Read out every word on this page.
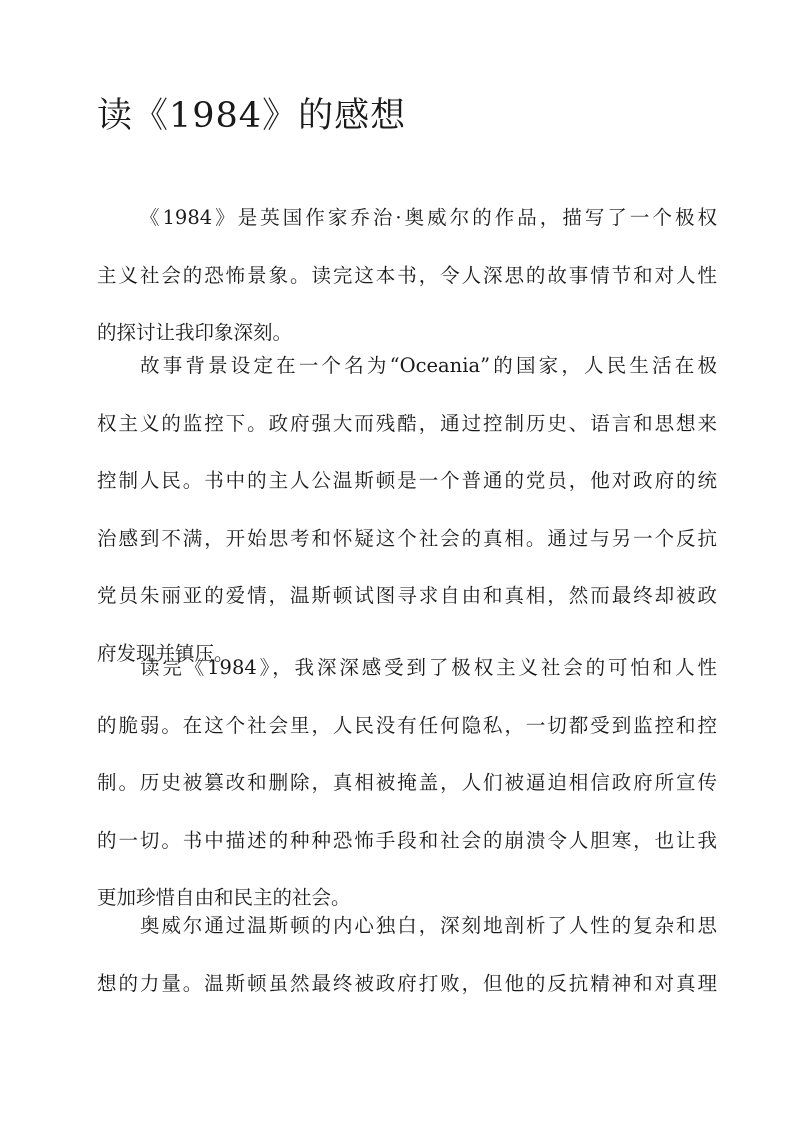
读《1984》的感想

《1984》是英国作家乔治·奥威尔的作品，描写了一个极权
主义社会的恐怖景象。读完这本书，令人深思的故事情节和对人性
的探讨让我印象深刻。

故事背景设定在一个名为“Oceania”的国家，人民生活在极
权主义的监控下。政府强大而残酷，通过控制历史、语言和思想来
控制人民。书中的主人公温斯顿是一个普通的党员，他对政府的统
治感到不满，开始思考和怀疑这个社会的真相。通过与另一个反抗
党员朱丽亚的爱情，温斯顿试图寻求自由和真相，然而最终却被政
府发现并镇压。

读完《1984》，我深深感受到了极权主义社会的可怕和人性
的脆弱。在这个社会里，人民没有任何隐私，一切都受到监控和控
制。历史被篡改和删除，真相被掩盖，人们被逼迫相信政府所宣传
的一切。书中描述的种种恐怖手段和社会的崩溃令人胆寒，也让我
更加珍惜自由和民主的社会。

奥威尔通过温斯顿的内心独白，深刻地剖析了人性的复杂和思
想的力量。温斯顿虽然最终被政府打败，但他的反抗精神和对真理
